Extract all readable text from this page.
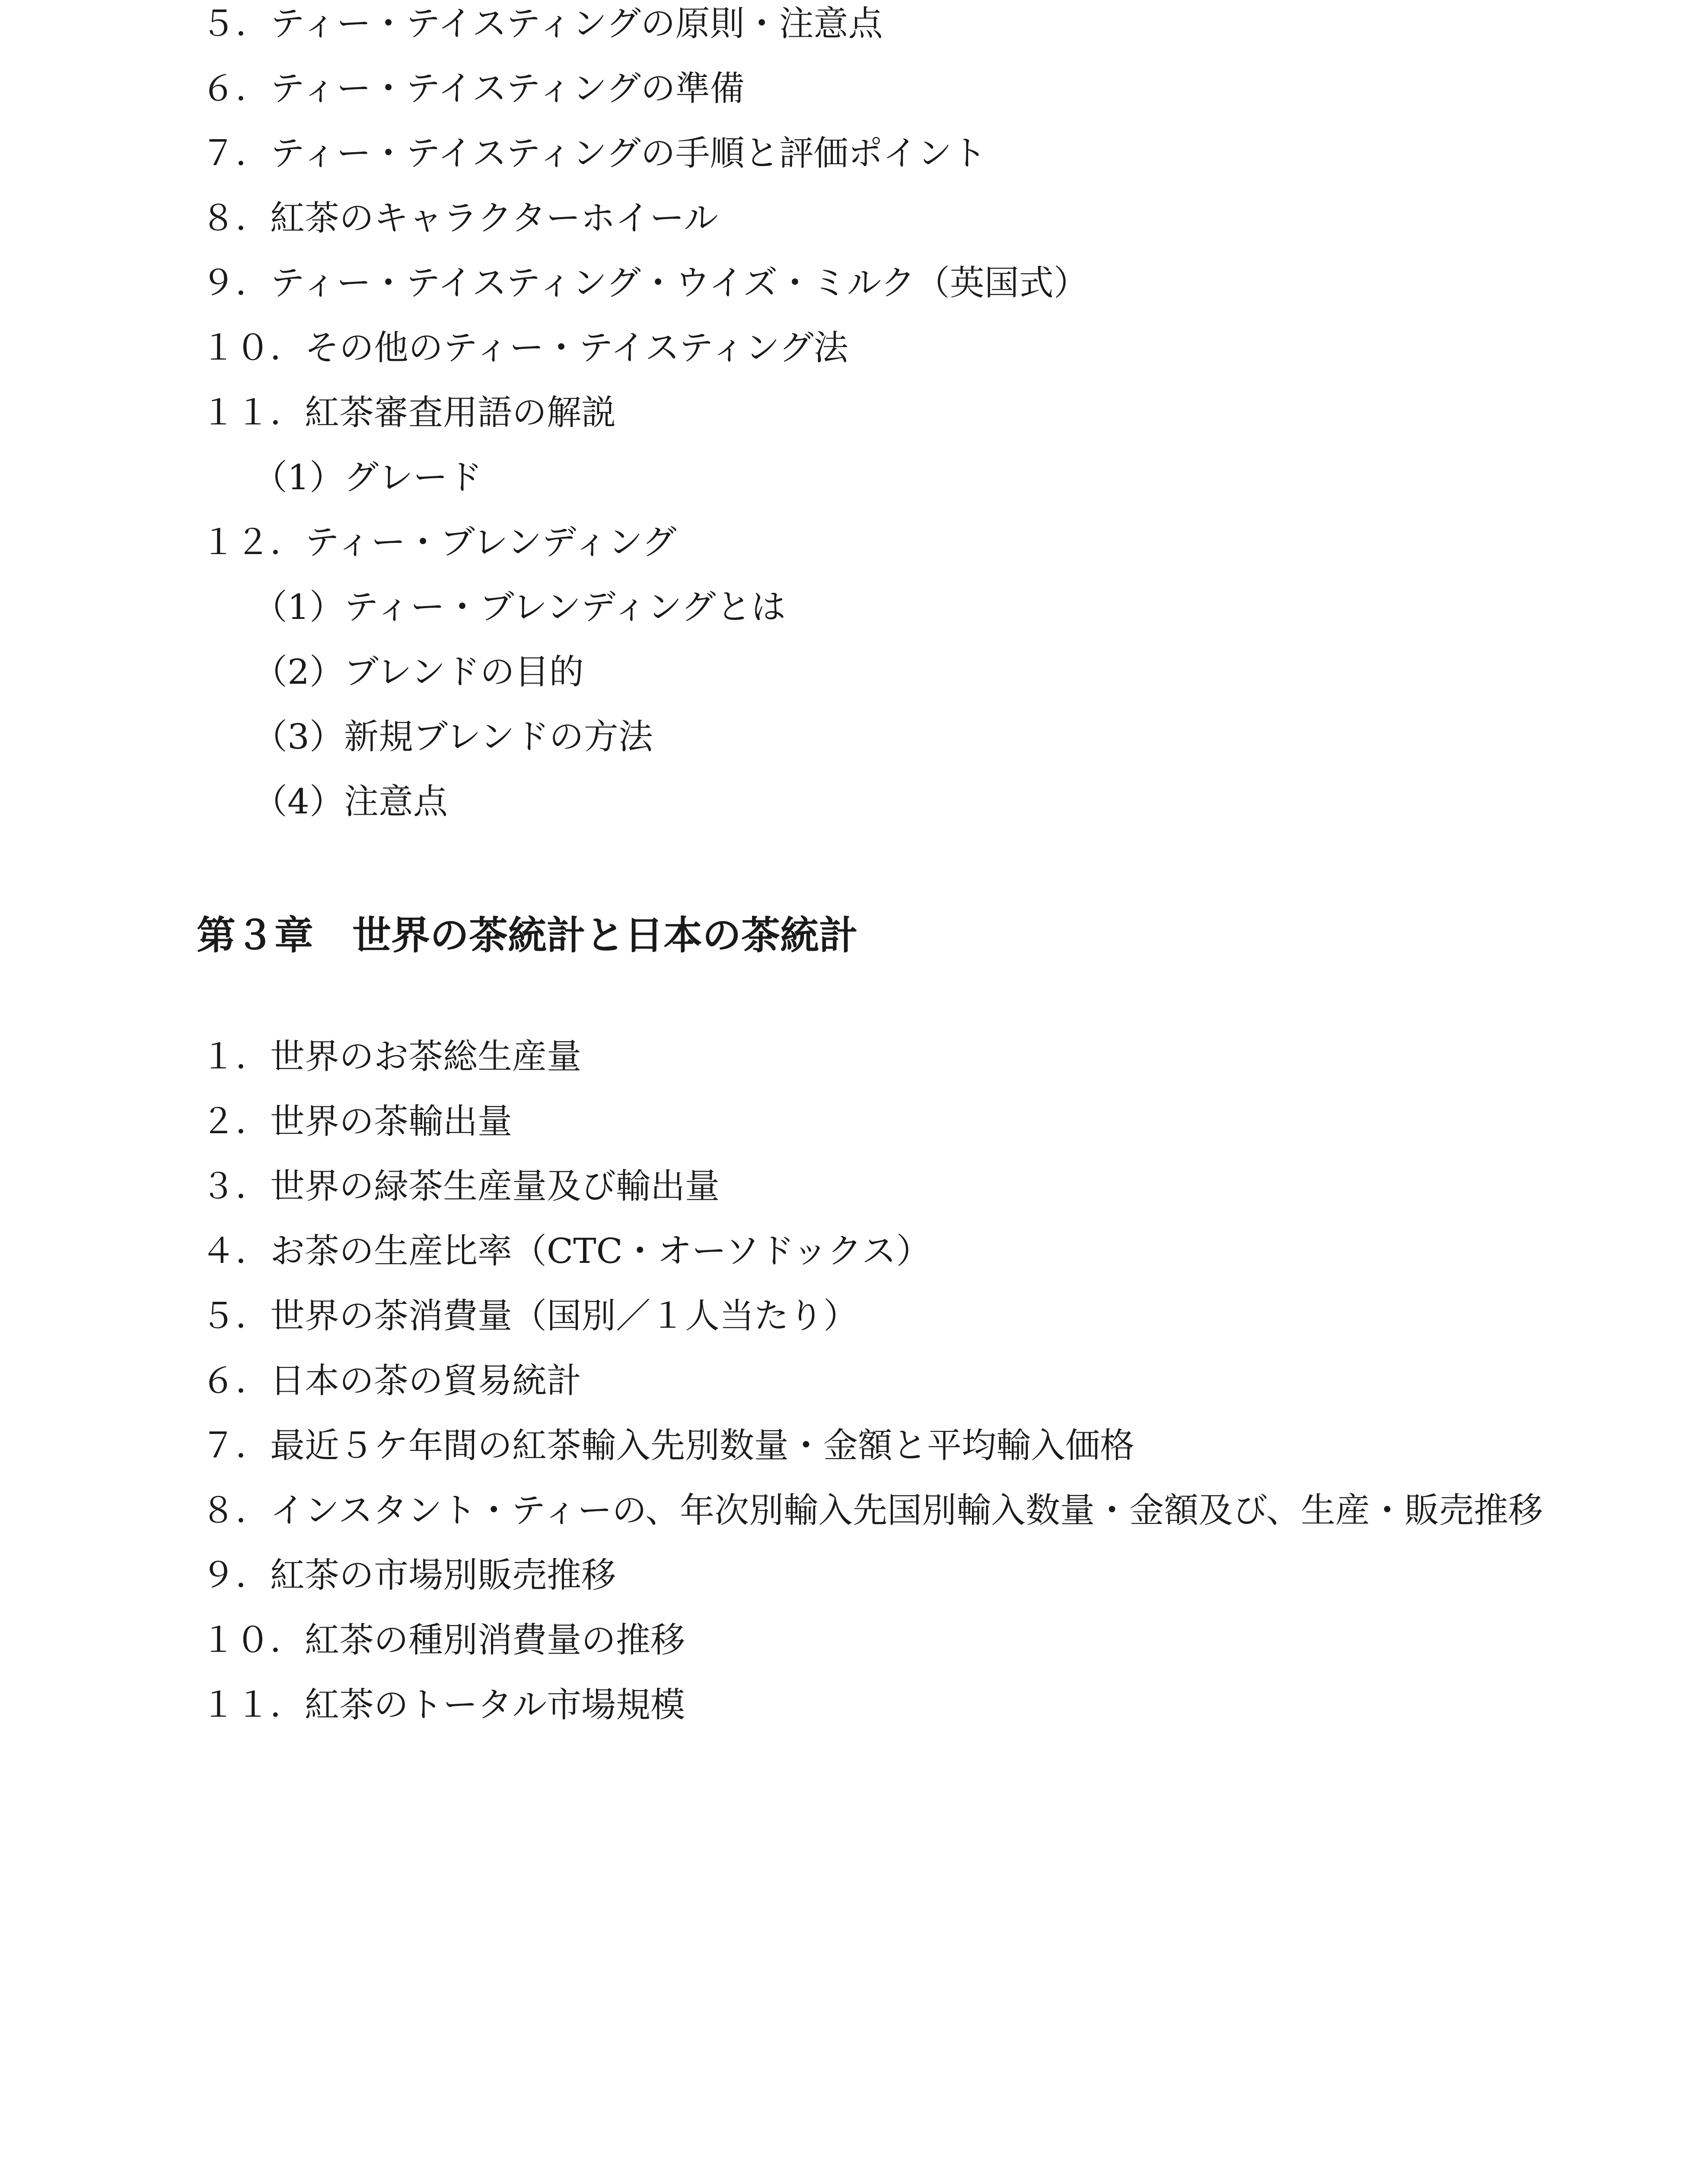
５．ティー・テイスティングの原則・注意点
６．ティー・テイスティングの準備
７．ティー・テイスティングの手順と評価ポイント
８．紅茶のキャラクターホイール
９．ティー・テイスティング・ウイズ・ミルク（英国式）
１０．その他のティー・テイスティング法
１１．紅茶審査用語の解説
（1）グレード
１２．ティー・ブレンディング
（1）ティー・ブレンディングとは
（2）ブレンドの目的
（3）新規ブレンドの方法
（4）注意点
第３章　世界の茶統計と日本の茶統計
１．世界のお茶総生産量
２．世界の茶輸出量
３．世界の緑茶生産量及び輸出量
４．お茶の生産比率（CTC・オーソドックス）
５．世界の茶消費量（国別／１人当たり）
６．日本の茶の貿易統計
７．最近５ケ年間の紅茶輸入先別数量・金額と平均輸入価格
８．インスタント・ティーの、年次別輸入先国別輸入数量・金額及び、生産・販売推移
９．紅茶の市場別販売推移
１０．紅茶の種別消費量の推移
１１．紅茶のトータル市場規模
